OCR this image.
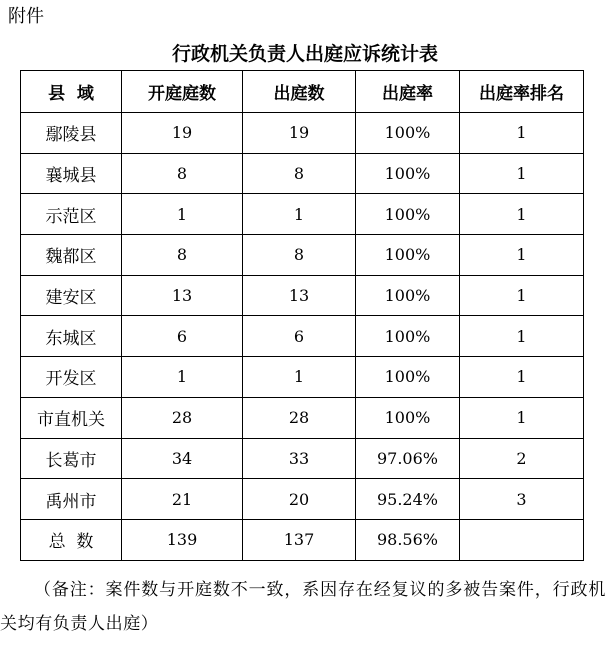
附件
行政机关负责人出庭应诉统计表
县  域	开庭庭数	出庭数	出庭率	出庭率排名
鄢陵县	19	19	100%	1
襄城县	8	8	100%	1
示范区	1	1	100%	1
魏都区	8	8	100%	1
建安区	13	13	100%	1
东城区	6	6	100%	1
开发区	1	1	100%	1
市直机关	28	28	100%	1
长葛市	34	33	97.06%	2
禹州市	21	20	95.24%	3
总  数	139	137	98.56%	
（备注：案件数与开庭数不一致，系因存在经复议的多被告案件，行政机关均有负责人出庭）
